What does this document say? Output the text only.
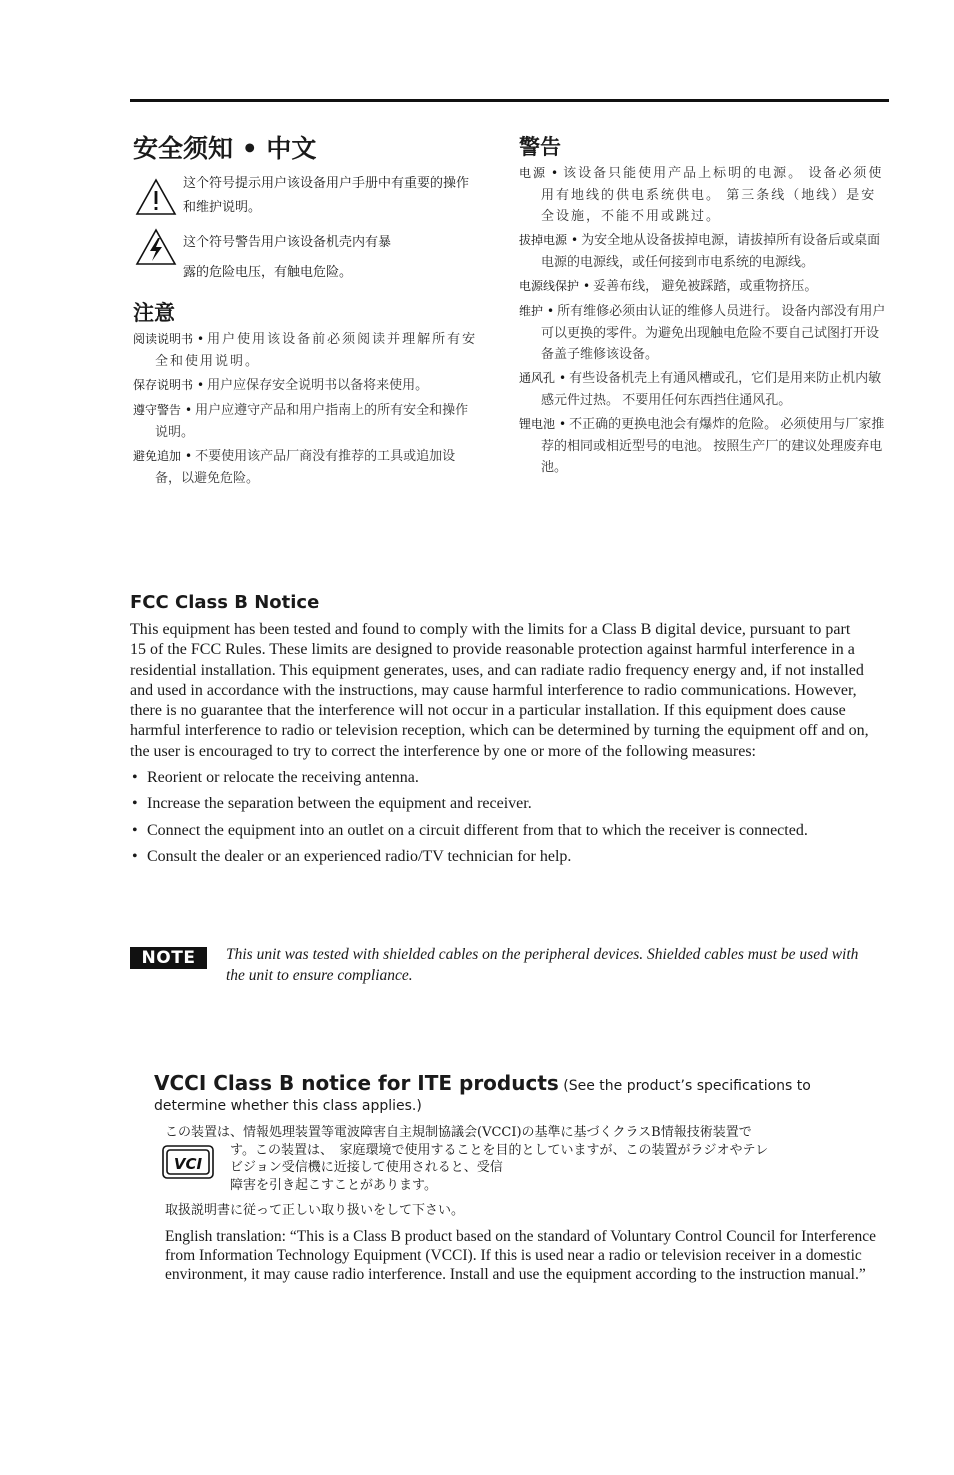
安全须知 • 中文
这个符号提示用户该设备用户手册中有重要的操作和维护说明。
这个符号警告用户该设备机壳内有暴
露的危险电压，有触电危险。
注意
阅读说明书 • 用户使用该设备前必须阅读并理解所有安全和使用说明。
保存说明书 • 用户应保存安全说明书以备将来使用。
遵守警告 • 用户应遵守产品和用户指南上的所有安全和操作说明。
避免追加 • 不要使用该产品厂商没有推荐的工具或追加设备，以避免危险。
警告
电源 • 该设备只能使用产品上标明的电源。 设备必须使用有地线的供电系统供电。 第三条线（地线）是安全设施，不能不用或跳过。
拔掉电源 • 为安全地从设备拔掉电源，请拔掉所有设备后或桌面电源的电源线，或任何接到市电系统的电源线。
电源线保护 • 妥善布线， 避免被踩踏，或重物挤压。
维护 • 所有维修必须由认证的维修人员进行。 设备内部没有用户可以更换的零件。为避免出现触电危险不要自己试图打开设备盖子维修该设备。
通风孔 • 有些设备机壳上有通风槽或孔，它们是用来防止机内敏感元件过热。 不要用任何东西挡住通风孔。
锂电池 • 不正确的更换电池会有爆炸的危险。 必须使用与厂家推荐的相同或相近型号的电池。 按照生产厂的建议处理废弃电池。
FCC Class B Notice

This equipment has been tested and found to comply with the limits for a Class B digital device, pursuant to part 15 of the FCC Rules. These limits are designed to provide reasonable protection against harmful interference in a residential installation. This equipment generates, uses, and can radiate radio frequency energy and, if not installed and used in accordance with the instructions, may cause harmful interference to radio communications. However, there is no guarantee that the interference will not occur in a particular installation. If this equipment does cause harmful interference to radio or television reception, which can be determined by turning the equipment off and on, the user is encouraged to try to correct the interference by one or more of the following measures:

• Reorient or relocate the receiving antenna.
• Increase the separation between the equipment and receiver.
• Connect the equipment into an outlet on a circuit different from that to which the receiver is connected.
• Consult the dealer or an experienced radio/TV technician for help.
NOTE	This unit was tested with shielded cables on the peripheral devices. Shielded cables must be used with the unit to ensure compliance.

VCCI Class B notice for ITE products (See the product’s specifications to determine whether this class applies.)

この装置は、情報処理装置等電波障害自主規制協議会(VCCI)の基準に基づくクラスB情報技術装置で
す。この装置は、　家庭環境で使用することを目的としていますが、この装置がラジオやテレ
ビジョン受信機に近接して使用されると、受信
障害を引き起こすことがあります。
VCI
取扱説明書に従って正しい取り扱いをして下さい。
English translation: “This is a Class B product based on the standard of Voluntary Control Council for Interference from Information Technology Equipment (VCCI). If this is used near a radio or television receiver in a domestic environment, it may cause radio interference. Install and use the equipment according to the instruction manual.”
